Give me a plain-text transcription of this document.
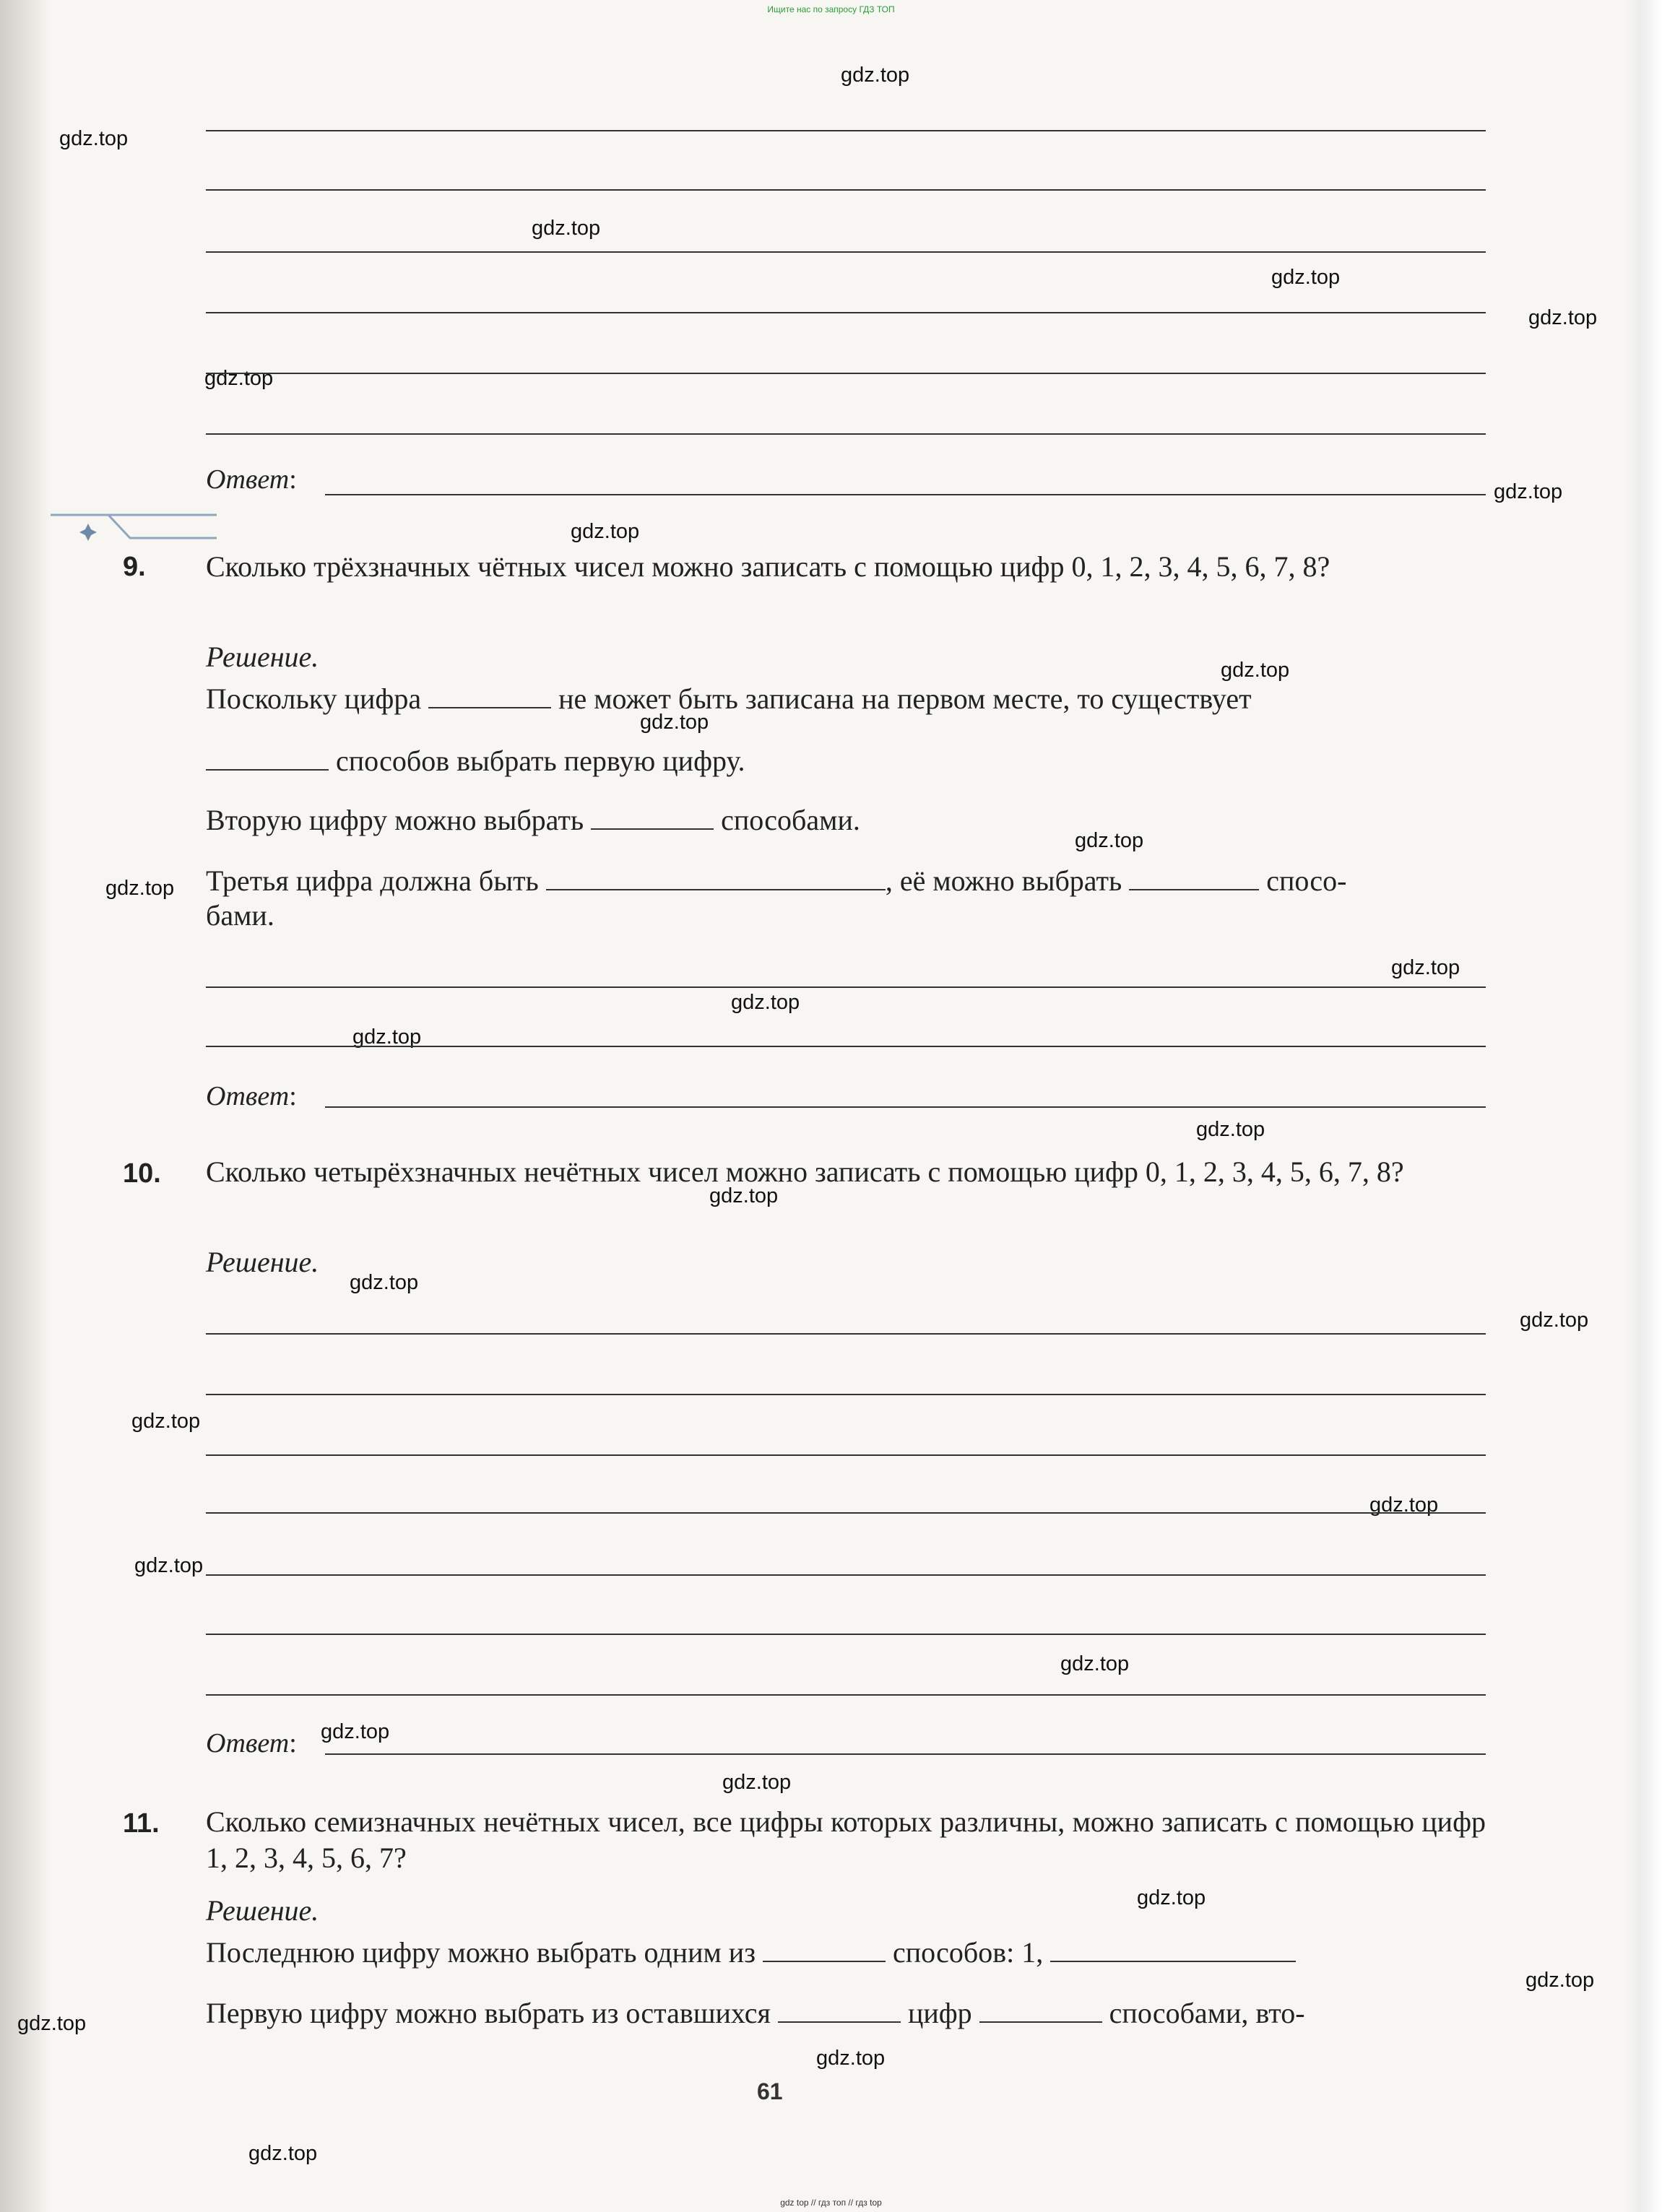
Ищите нас по запросу ГДЗ ТОП
gdz.top
gdz.top
gdz.top
gdz.top
gdz.top
gdz.top
gdz.top
gdz.top
gdz.top
gdz.top
gdz.top
gdz.top
gdz.top
gdz.top
gdz.top
gdz.top
gdz.top
gdz.top
gdz.top
gdz.top
gdz.top
gdz.top
gdz.top
gdz.top
gdz.top
gdz.top
gdz.top
gdz.top
gdz.top
gdz.top
Ответ:
9. Сколько трёхзначных чётных чисел можно записать с помощью цифр 0, 1, 2, 3, 4, 5, 6, 7, 8?
Решение.
Поскольку цифра	не может быть записана на первом месте, то существует
способов выбрать первую цифру.
Вторую цифру можно выбрать	способами.
Третья цифра должна быть	, её можно выбрать	спосо-
бами.
Ответ:
10. Сколько четырёхзначных нечётных чисел можно записать с помощью цифр 0, 1, 2, 3, 4, 5, 6, 7, 8?
Решение.
Ответ:
11. Сколько семизначных нечётных чисел, все цифры которых различны, можно записать с помощью цифр 1, 2, 3, 4, 5, 6, 7?
Решение.
Последнюю цифру можно выбрать одним из	способов: 1,
Первую цифру можно выбрать из оставшихся	цифр	способами, вто-
61
gdz top // гдз топ // гдз top
